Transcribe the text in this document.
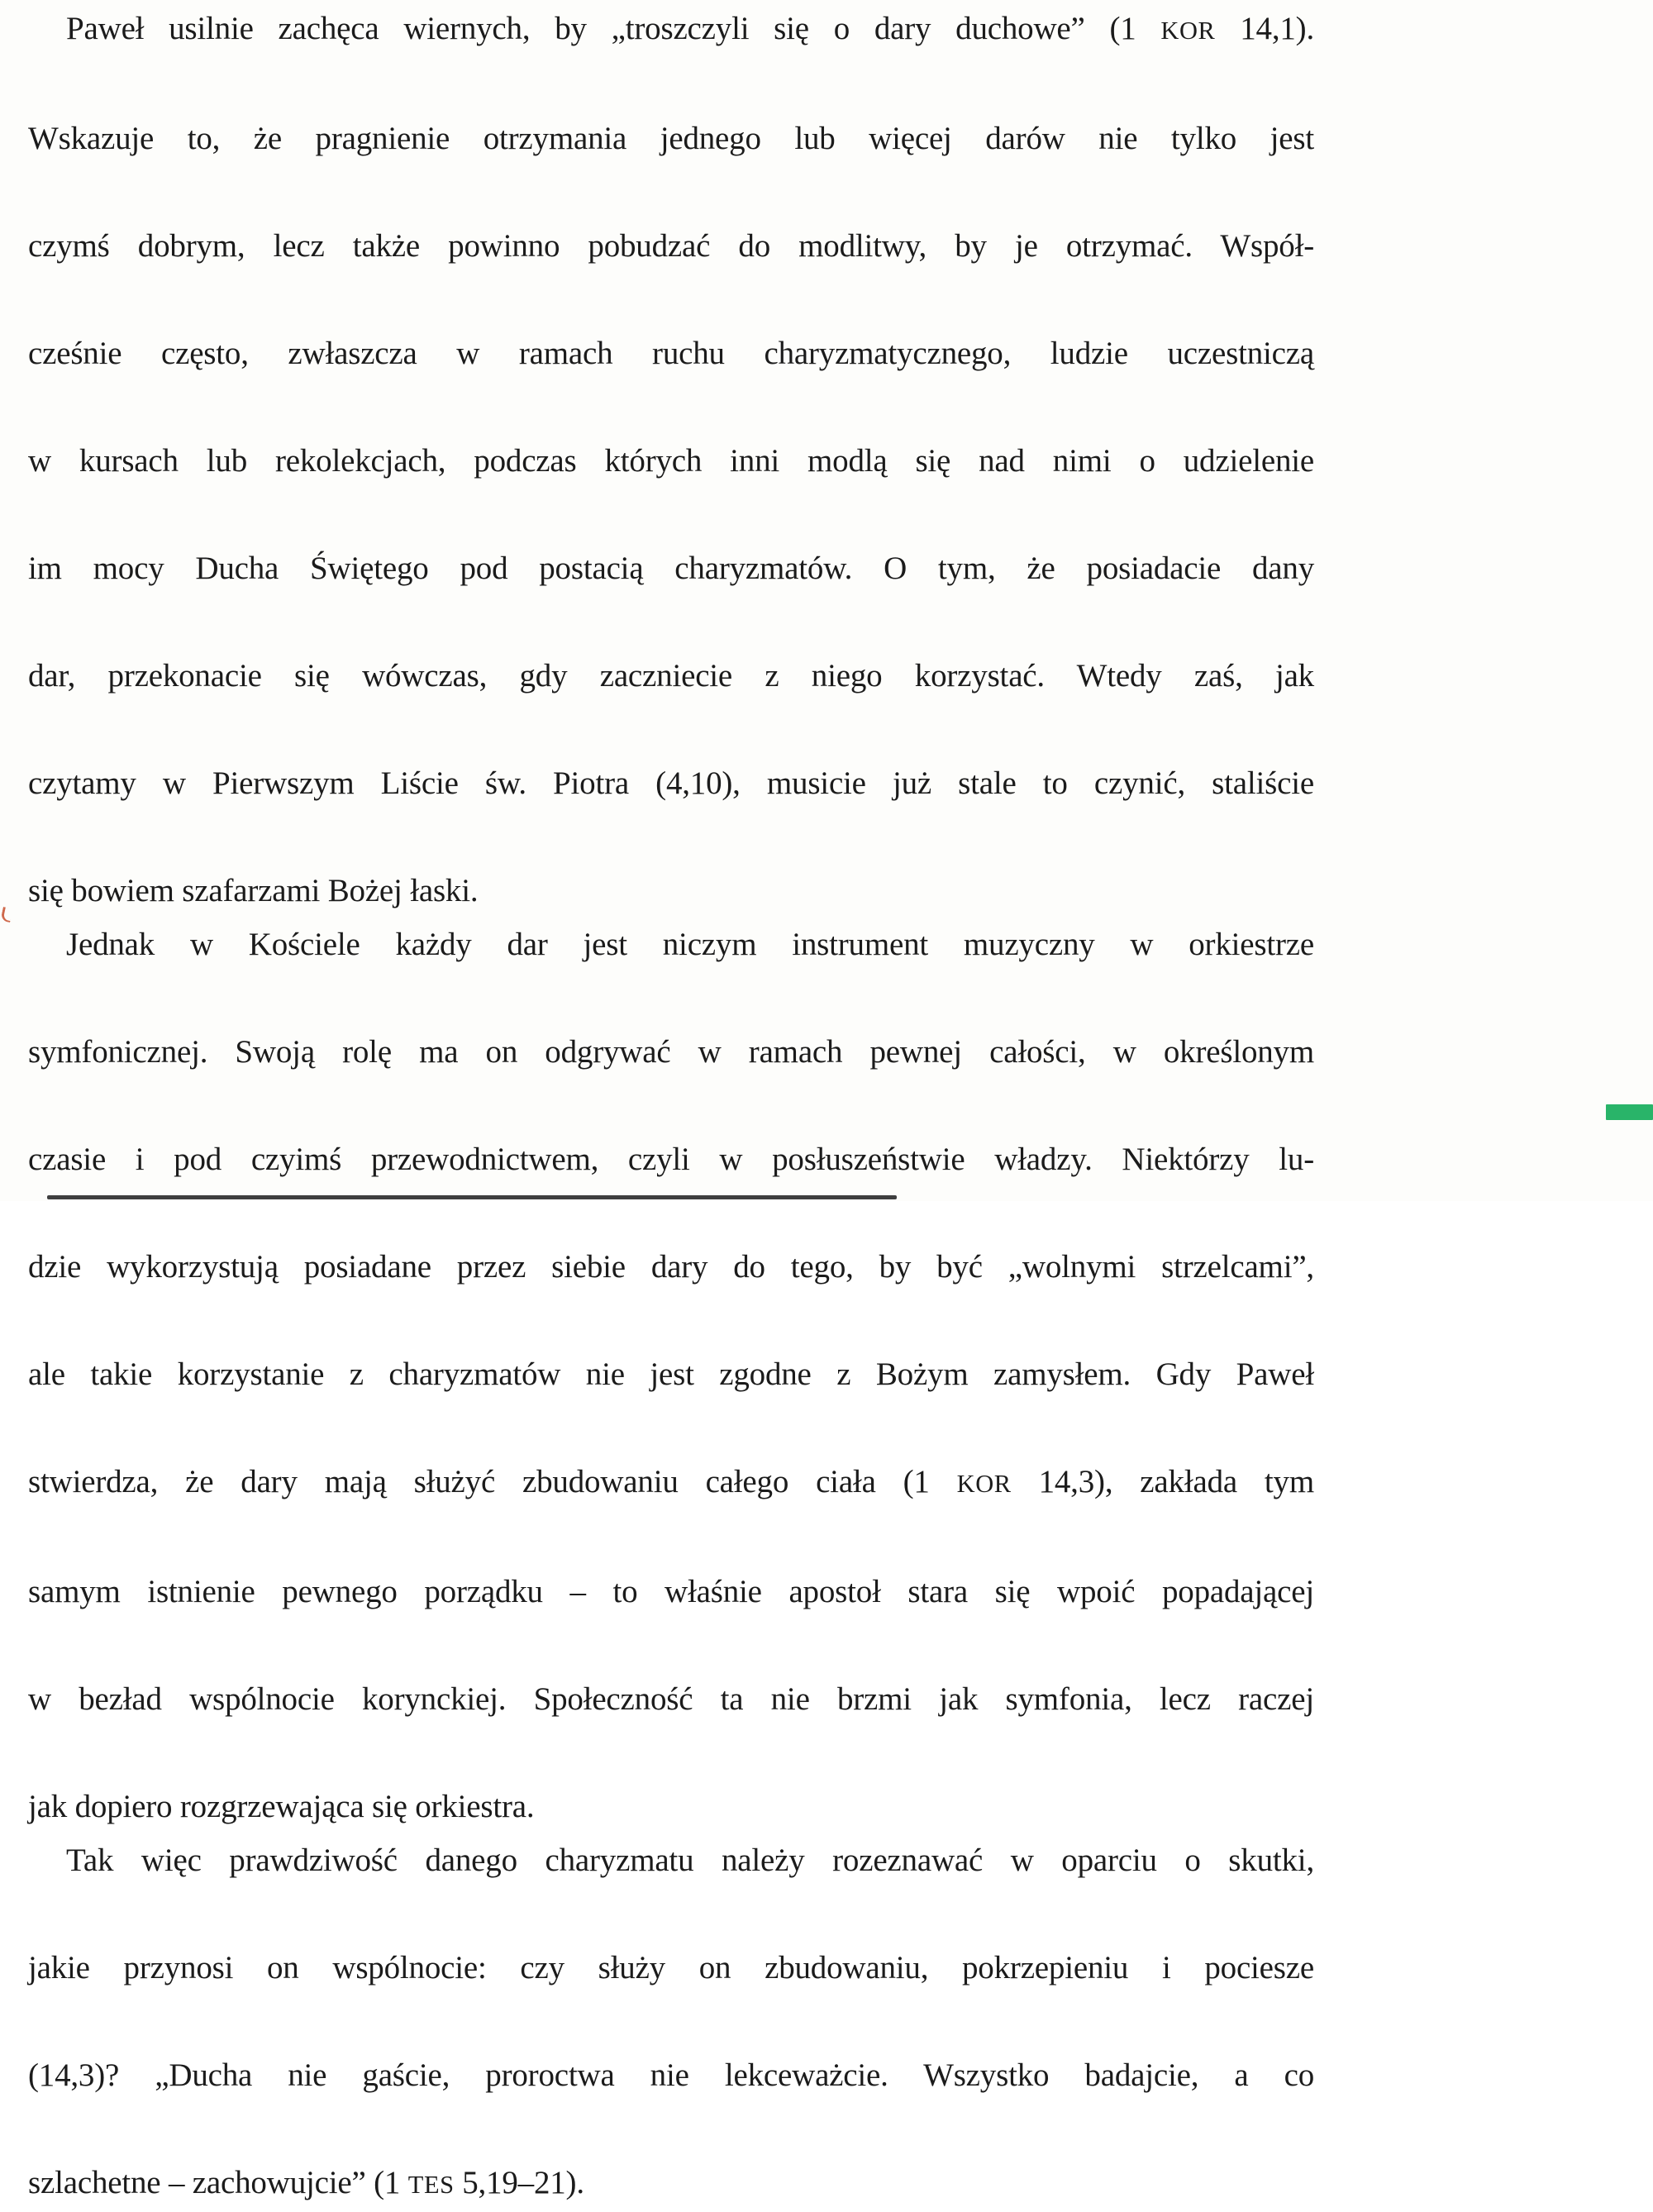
Paweł usilnie zachęca wiernych, by „troszczyli się o dary duchowe” (1 KOR 14,1).
Wskazuje to, że pragnienie otrzymania jednego lub więcej darów nie tylko jest
czymś dobrym, lecz także powinno pobudzać do modlitwy, by je otrzymać. Współ-
cześnie często, zwłaszcza w ramach ruchu charyzmatycznego, ludzie uczestniczą
w kursach lub rekolekcjach, podczas których inni modlą się nad nimi o udzielenie
im mocy Ducha Świętego pod postacią charyzmatów. O tym, że posiadacie dany
dar, przekonacie się wówczas, gdy zaczniecie z niego korzystać. Wtedy zaś, jak
czytamy w Pierwszym Liście św. Piotra (4,10), musicie już stale to czynić, staliście
się bowiem szafarzami Bożej łaski.
Jednak w Kościele każdy dar jest niczym instrument muzyczny w orkiestrze
symfonicznej. Swoją rolę ma on odgrywać w ramach pewnej całości, w określonym
czasie i pod czyimś przewodnictwem, czyli w posłuszeństwie władzy. Niektórzy lu-
dzie wykorzystują posiadane przez siebie dary do tego, by być „wolnymi strzelcami”,
ale takie korzystanie z charyzmatów nie jest zgodne z Bożym zamysłem. Gdy Paweł
stwierdza, że dary mają służyć zbudowaniu całego ciała (1 KOR 14,3), zakłada tym
samym istnienie pewnego porządku – to właśnie apostoł stara się wpoić popadającej
w bezład wspólnocie korynckiej. Społeczność ta nie brzmi jak symfonia, lecz raczej
jak dopiero rozgrzewająca się orkiestra.
Tak więc prawdziwość danego charyzmatu należy rozeznawać w oparciu o skutki,
jakie przynosi on wspólnocie: czy służy on zbudowaniu, pokrzepieniu i pociesze
(14,3)? „Ducha nie gaście, proroctwa nie lekceważcie. Wszystko badajcie, a co
szlachetne – zachowujcie” (1 TES 5,19–21).
